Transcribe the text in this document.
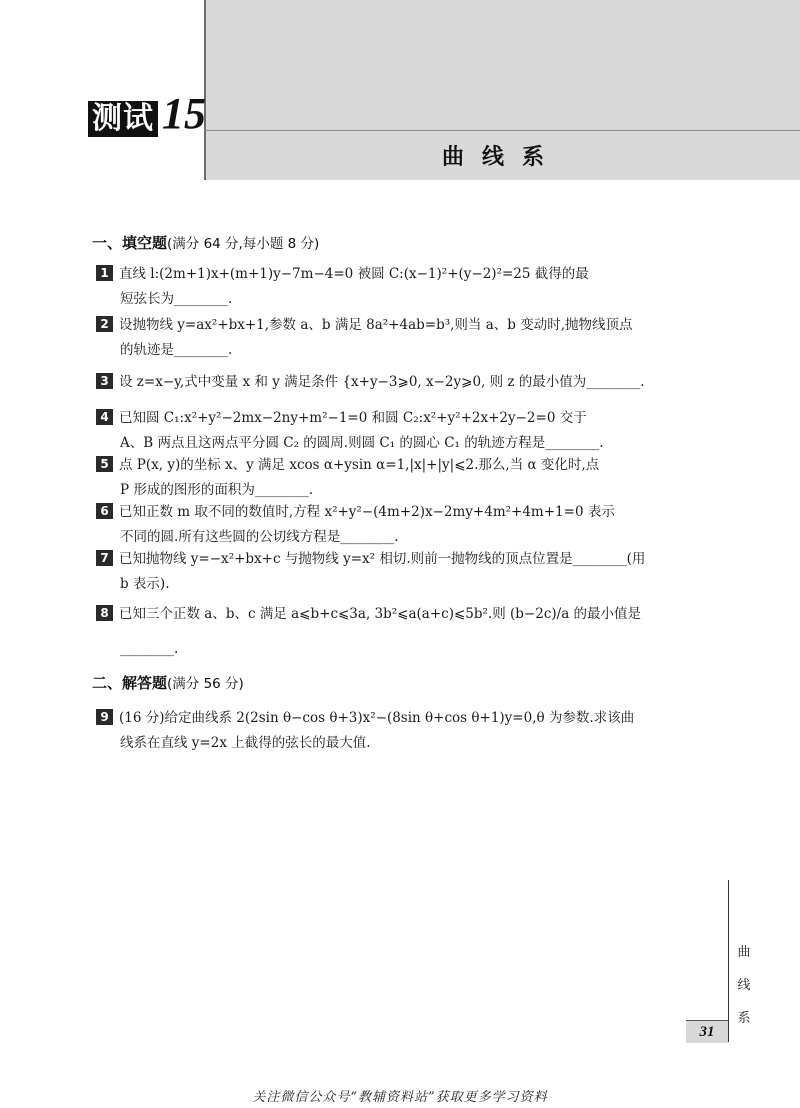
测试 15
曲线系
一、填空题(满分 64 分,每小题 8 分)
1 直线 l:(2m+1)x+(m+1)y−7m−4=0 被圆 C:(x−1)²+(y−2)²=25 截得的最
短弦长为________.
2 设抛物线 y=ax²+bx+1,参数 a、b 满足 8a²+4ab=b³,则当 a、b 变动时,抛物线顶点
的轨迹是________.
3 设 z=x−y,式中变量 x 和 y 满足条件 {x+y−3⩾0, x−2y⩾0, 则 z 的最小值为________.
4 已知圆 C₁:x²+y²−2mx−2ny+m²−1=0 和圆 C₂:x²+y²+2x+2y−2=0 交于
A、B 两点且这两点平分圆 C₂ 的圆周.则圆 C₁ 的圆心 C₁ 的轨迹方程是________.
5 点 P(x, y)的坐标 x、y 满足 xcos α+ysin α=1,|x|+|y|⩽2.那么,当 α 变化时,点
P 形成的图形的面积为________.
6 已知正数 m 取不同的数值时,方程 x²+y²−(4m+2)x−2my+4m²+4m+1=0 表示
不同的圆.所有这些圆的公切线方程是________.
7 已知抛物线 y=−x²+bx+c 与抛物线 y=x² 相切.则前一抛物线的顶点位置是________(用
b 表示).
8 已知三个正数 a、b、c 满足 a⩽b+c⩽3a, 3b²⩽a(a+c)⩽5b².则 (b−2c)/a 的最小值是
________.
二、解答题(满分 56 分)
9 (16 分)给定曲线系 2(2sin θ−cos θ+3)x²−(8sin θ+cos θ+1)y=0,θ 为参数.求该曲
线系在直线 y=2x 上截得的弦长的最大值.
曲
线
系
31
关注微信公众号“教辅资料站”获取更多学习资料
